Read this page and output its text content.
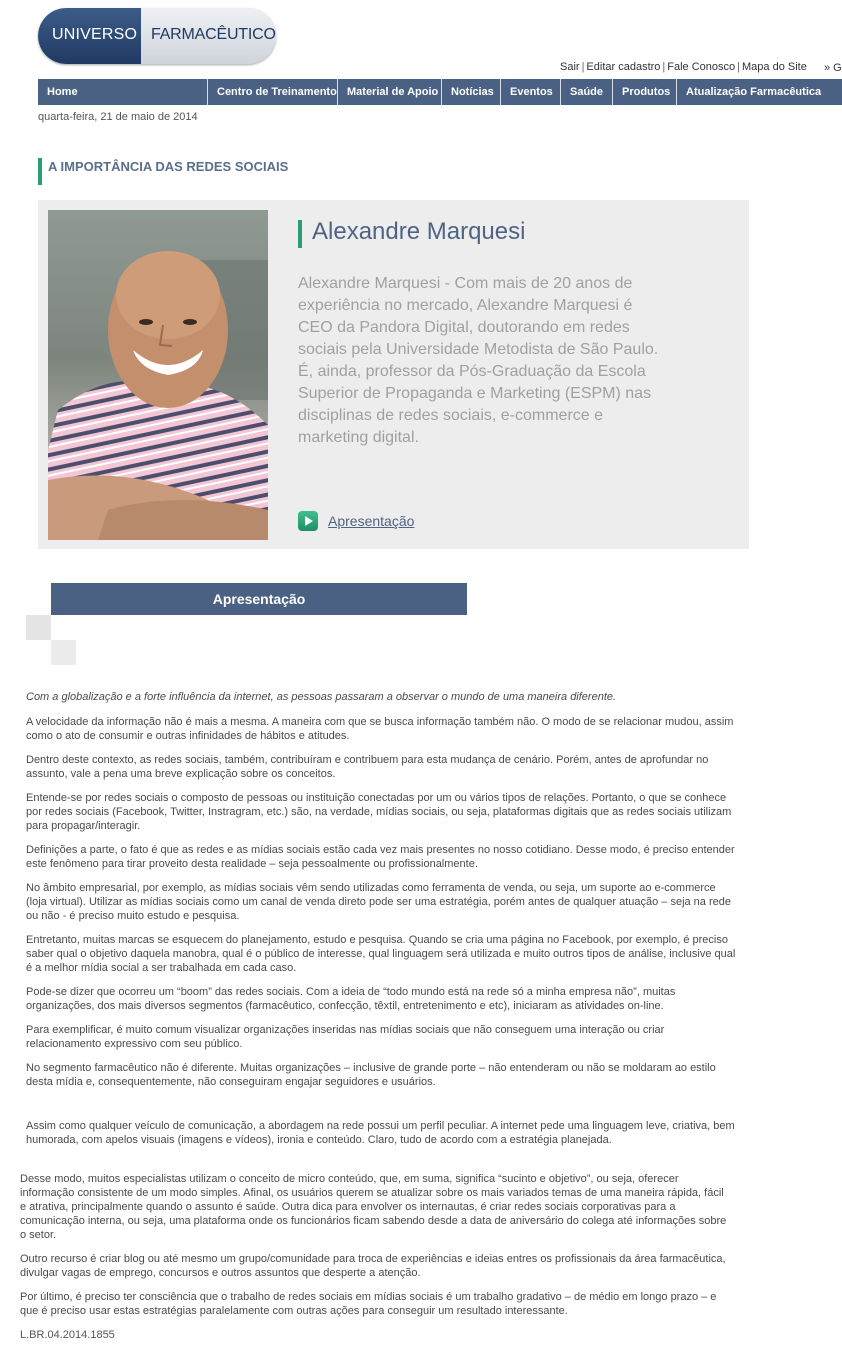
UNIVERSO FARMACÊUTICO
Sair | Editar cadastro | Fale Conosco | Mapa do Site » G
Home	Centro de Treinamento Material de Apoio	Notícias	Eventos	Saúde	Produtos	Atualização Farmacêutica
quarta-feira, 21 de maio de 2014
A IMPORTÂNCIA DAS REDES SOCIAIS
Alexandre Marquesi
Alexandre Marquesi - Com mais de 20 anos de experiência no mercado, Alexandre Marquesi é CEO da Pandora Digital, doutorando em redes sociais pela Universidade Metodista de São Paulo. É, ainda, professor da Pós-Graduação da Escola Superior de Propaganda e Marketing (ESPM) nas disciplinas de redes sociais, e-commerce e marketing digital.
Apresentação
Apresentação

Com a globalização e a forte influência da internet, as pessoas passaram a observar o mundo de uma maneira diferente.

A velocidade da informação não é mais a mesma. A maneira com que se busca informação também não. O modo de se relacionar mudou, assim como o ato de consumir e outras infinidades de hábitos e atitudes.

Dentro deste contexto, as redes sociais, também, contribuíram e contribuem para esta mudança de cenário. Porém, antes de aprofundar no assunto, vale a pena uma breve explicação sobre os conceitos.

Entende-se por redes sociais o composto de pessoas ou instituição conectadas por um ou vários tipos de relações. Portanto, o que se conhece por redes sociais (Facebook, Twitter, Instragram, etc.) são, na verdade, mídias sociais, ou seja, plataformas digitais que as redes sociais utilizam para propagar/interagir.

Definições a parte, o fato é que as redes e as mídias sociais estão cada vez mais presentes no nosso cotidiano. Desse modo, é preciso entender este fenômeno para tirar proveito desta realidade – seja pessoalmente ou profissionalmente.

No âmbito empresarial, por exemplo, as mídias sociais vêm sendo utilizadas como ferramenta de venda, ou seja, um suporte ao e-commerce (loja virtual). Utilizar as mídias sociais como um canal de venda direto pode ser uma estratégia, porém antes de qualquer atuação – seja na rede ou não - é preciso muito estudo e pesquisa.

Entretanto, muitas marcas se esquecem do planejamento, estudo e pesquisa. Quando se cria uma página no Facebook, por exemplo, é preciso saber qual o objetivo daquela manobra, qual é o público de interesse, qual linguagem será utilizada e muito outros tipos de análise, inclusive qual é a melhor mídia social a ser trabalhada em cada caso.

Pode-se dizer que ocorreu um “boom” das redes sociais. Com a ideia de “todo mundo está na rede só a minha empresa não”, muitas organizações, dos mais diversos segmentos (farmacêutico, confecção, têxtil, entretenimento e etc), iniciaram as atividades on-line.

Para exemplificar, é muito comum visualizar organizações inseridas nas mídias sociais que não conseguem uma interação ou criar relacionamento expressivo com seu público.

No segmento farmacêutico não é diferente. Muitas organizações – inclusive de grande porte – não entenderam ou não se moldaram ao estilo desta mídia e, consequentemente, não conseguiram engajar seguidores e usuários.

Assim como qualquer veículo de comunicação, a abordagem na rede possui um perfil peculiar. A internet pede uma linguagem leve, criativa, bem humorada, com apelos visuais (imagens e vídeos), ironia e conteúdo. Claro, tudo de acordo com a estratégia planejada.

Desse modo, muitos especialistas utilizam o conceito de micro conteúdo, que, em suma, significa “sucinto e objetivo”, ou seja, oferecer informação consistente de um modo simples. Afinal, os usuários querem se atualizar sobre os mais variados temas de uma maneira rápida, fácil e atrativa, principalmente quando o assunto é saúde. Outra dica para envolver os internautas, é criar redes sociais corporativas para a comunicação interna, ou seja, uma plataforma onde os funcionários ficam sabendo desde a data de aniversário do colega até informações sobre o setor.

Outro recurso é criar blog ou até mesmo um grupo/comunidade para troca de experiências e ideias entres os profissionais da área farmacêutica, divulgar vagas de emprego, concursos e outros assuntos que desperte a atenção.

Por último, é preciso ter consciência que o trabalho de redes sociais em mídias sociais é um trabalho gradativo – de médio em longo prazo – e que é preciso usar estas estratégias paralelamente com outras ações para conseguir um resultado interessante.

L.BR.04.2014.1855
